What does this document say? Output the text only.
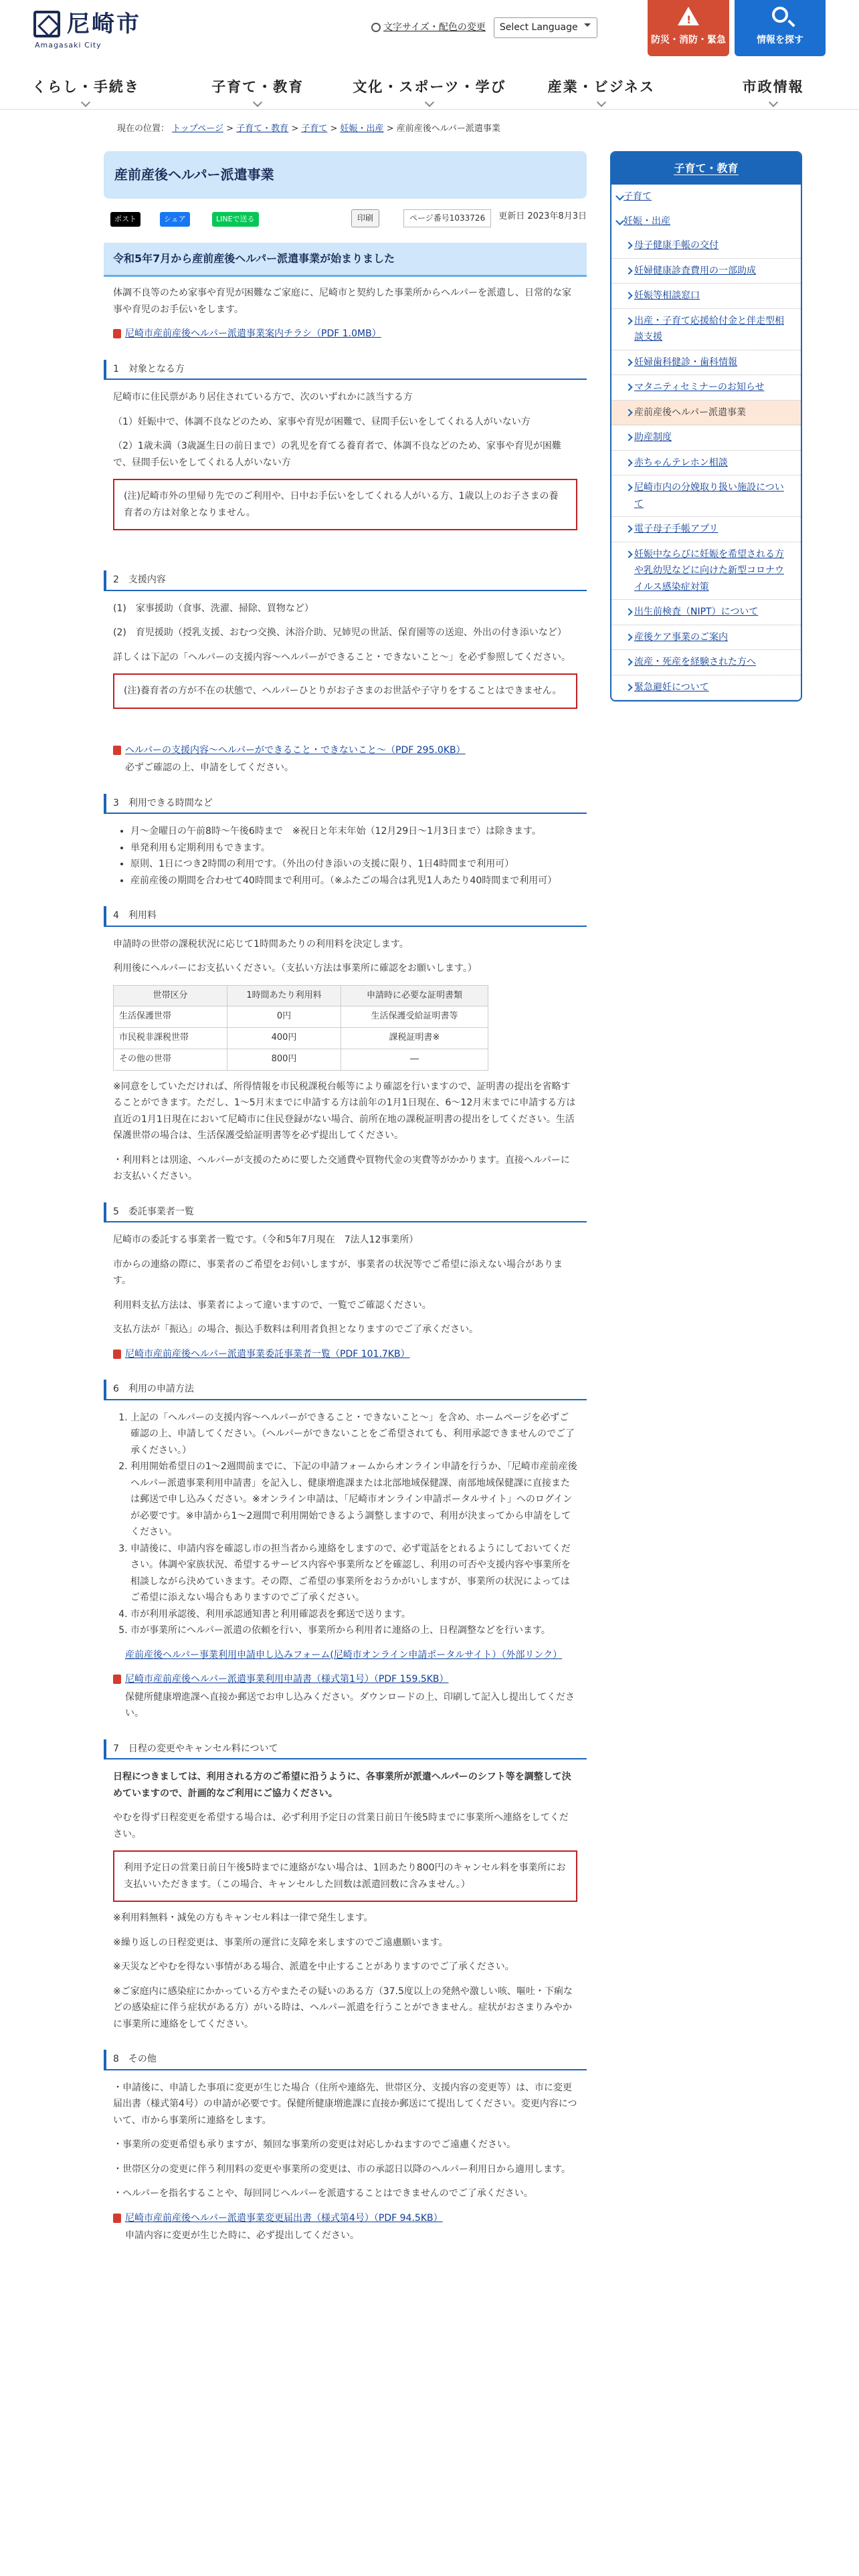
尼崎市
Amagasaki City
文字サイズ・配色の変更	Select Language
!
防災・消防・緊急	情報を探す
くらし・手続き	子育て・教育	文化・スポーツ・学び	産業・ビジネス	市政情報
現在の位置： トップページ > 子育て・教育 > 子育て > 妊娠・出産 > 産前産後ヘルパー派遣事業
産前産後ヘルパー派遣事業
ポスト	シェア	LINEで送る	印刷	ページ番号1033726	更新日 2023年8月3日
令和5年7月から産前産後ヘルパー派遣事業が始まりました

体調不良等のため家事や育児が困難なご家庭に、尼崎市と契約した事業所からヘルパーを派遣し、日常的な家事や育児のお手伝いをします。

尼崎市産前産後ヘルパー派遣事業案内チラシ（PDF 1.0MB）

1　対象となる方

尼崎市に住民票があり居住されている方で、次のいずれかに該当する方

（1）妊娠中で、体調不良などのため、家事や育児が困難で、昼間手伝いをしてくれる人がいない方

（2）1歳未満（3歳誕生日の前日まで）の乳児を育てる養育者で、体調不良などのため、家事や育児が困難で、昼間手伝いをしてくれる人がいない方

(注)尼崎市外の里帰り先でのご利用や、日中お手伝いをしてくれる人がいる方、1歳以上のお子さまの養育者の方は対象となりません。
2　支援内容

(1)　家事援助（食事、洗濯、掃除、買物など）

(2)　育児援助（授乳支援、おむつ交換、沐浴介助、兄姉児の世話、保育園等の送迎、外出の付き添いなど）

詳しくは下記の「ヘルパーの支援内容～ヘルパーができること・できないこと～」を必ず参照してください。

(注)養育者の方が不在の状態で、ヘルパーひとりがお子さまのお世話や子守りをすることはできません。

ヘルパーの支援内容～ヘルパーができること・できないこと～（PDF 295.0KB）

必ずご確認の上、申請をしてください。

3　利用できる時間など
• 月～金曜日の午前8時～午後6時まで　※祝日と年末年始（12月29日～1月3日まで）は除きます。
• 単発利用も定期利用もできます。
• 原則、1日につき2時間の利用です。（外出の付き添いの支援に限り、1日4時間まで利用可）
• 産前産後の期間を合わせて40時間まで利用可。（※ふたごの場合は乳児1人あたり40時間まで利用可）
4　利用料

申請時の世帯の課税状況に応じて1時間あたりの利用料を決定します。

利用後にヘルパーにお支払いください。（支払い方法は事業所に確認をお願いします。）

世帯区分	1時間あたり利用料	申請時に必要な証明書類
生活保護世帯	0円	生活保護受給証明書等
市民税非課税世帯	400円	課税証明書※
その他の世帯	800円	―

※同意をしていただければ、所得情報を市民税課税台帳等により確認を行いますので、証明書の提出を省略することができます。ただし、1～5月末までに申請する方は前年の1月1日現在、6～12月末までに申請する方は直近の1月1日現在において尼崎市に住民登録がない場合、前所在地の課税証明書の提出をしてください。生活保護世帯の場合は、生活保護受給証明書等を必ず提出してください。

・利用料とは別途、ヘルパーが支援のために要した交通費や買物代金の実費等がかかります。直接ヘルパーにお支払いください。

5　委託事業者一覧

尼崎市の委託する事業者一覧です。（令和5年7月現在　7法人12事業所）

市からの連絡の際に、事業者のご希望をお伺いしますが、事業者の状況等でご希望に添えない場合があります。

利用料支払方法は、事業者によって違いますので、一覧でご確認ください。

支払方法が「振込」の場合、振込手数料は利用者負担となりますのでご了承ください。

尼崎市産前産後ヘルパー派遣事業委託事業者一覧（PDF 101.7KB）

6　利用の申請方法
1. 上記の「ヘルパーの支援内容～ヘルパーができること・できないこと～」を含め、ホームページを必ずご確認の上、申請してください。（ヘルパーができないことをご希望されても、利用承認できませんのでご了承ください。）
2. 利用開始希望日の1～2週間前までに、下記の申請フォームからオンライン申請を行うか、「尼崎市産前産後ヘルパー派遣事業利用申請書」を記入し、健康増進課または北部地域保健課、南部地域保健課に直接または郵送で申し込みください。※オンライン申請は、「尼崎市オンライン申請ポータルサイト」へのログインが必要です。※申請から1～2週間で利用開始できるよう調整しますので、利用が決まってから申請をしてください。
3. 申請後に、申請内容を確認し市の担当者から連絡をしますので、必ず電話をとれるようにしておいてください。体調や家族状況、希望するサービス内容や事業所などを確認し、利用の可否や支援内容や事業所を相談しながら決めていきます。その際、ご希望の事業所をおうかがいしますが、事業所の状況によってはご希望に添えない場合もありますのでご了承ください。
4. 市が利用承認後、利用承認通知書と利用確認表を郵送で送ります。
5. 市が事業所にヘルパー派遣の依頼を行い、事業所から利用者に連絡の上、日程調整などを行います。

産前産後ヘルパー事業利用申請申し込みフォーム(尼崎市オンライン申請ポータルサイト）（外部リンク）

尼崎市産前産後ヘルパー派遣事業利用申請書（様式第1号）（PDF 159.5KB）

保健所健康増進課へ直接か郵送でお申し込みください。ダウンロードの上、印刷して記入し提出してください。

7　日程の変更やキャンセル料について

日程につきましては、利用される方のご希望に沿うように、各事業所が派遣ヘルパーのシフト等を調整して決めていますので、計画的なご利用にご協力ください。

やむを得ず日程変更を希望する場合は、必ず利用予定日の営業日前日午後5時までに事業所へ連絡をしてください。

利用予定日の営業日前日午後5時までに連絡がない場合は、1回あたり800円のキャンセル料を事業所にお支払いいただきます。（この場合、キャンセルした回数は派遣回数に含みません。）

※利用料無料・減免の方もキャンセル料は一律で発生します。

※繰り返しの日程変更は、事業所の運営に支障を来しますのでご遠慮願います。

※天災などやむを得ない事情がある場合、派遣を中止することがありますのでご了承ください。

※ご家庭内に感染症にかかっている方やまたその疑いのある方（37.5度以上の発熱や激しい咳、嘔吐・下痢などの感染症に伴う症状がある方）がいる時は、ヘルパー派遣を行うことができません。症状がおさまりみやかに事業所に連絡をしてください。

8　その他

・申請後に、申請した事項に変更が生じた場合（住所や連絡先、世帯区分、支援内容の変更等）は、市に変更届出書（様式第4号）の申請が必要です。保健所健康増進課に直接か郵送にて提出してください。変更内容について、市から事業所に連絡をします。

・事業所の変更希望も承りますが、頻回な事業所の変更は対応しかねますのでご遠慮ください。

・世帯区分の変更に伴う利用料の変更や事業所の変更は、市の承認日以降のヘルパー利用日から適用します。

・ヘルパーを指名することや、毎回同じヘルパーを派遣することはできませんのでご了承ください。

尼崎市産前産後ヘルパー派遣事業変更届出書（様式第4号）（PDF 94.5KB）

申請内容に変更が生じた時に、必ず提出してください。

子育て・教育
子育て
妊娠・出産
母子健康手帳の交付
妊婦健康診査費用の一部助成
妊娠等相談窓口
出産・子育て応援給付金と伴走型相談支援
妊婦歯科健診・歯科情報
マタニティセミナーのお知らせ
産前産後ヘルパー派遣事業
助産制度
赤ちゃんテレホン相談
尼崎市内の分娩取り扱い施設について
電子母子手帳アプリ
妊娠中ならびに妊娠を希望される方や乳幼児などに向けた新型コロナウイルス感染症対策
出生前検査（NIPT）について
産後ケア事業のご案内
流産・死産を経験された方へ
緊急避妊について
